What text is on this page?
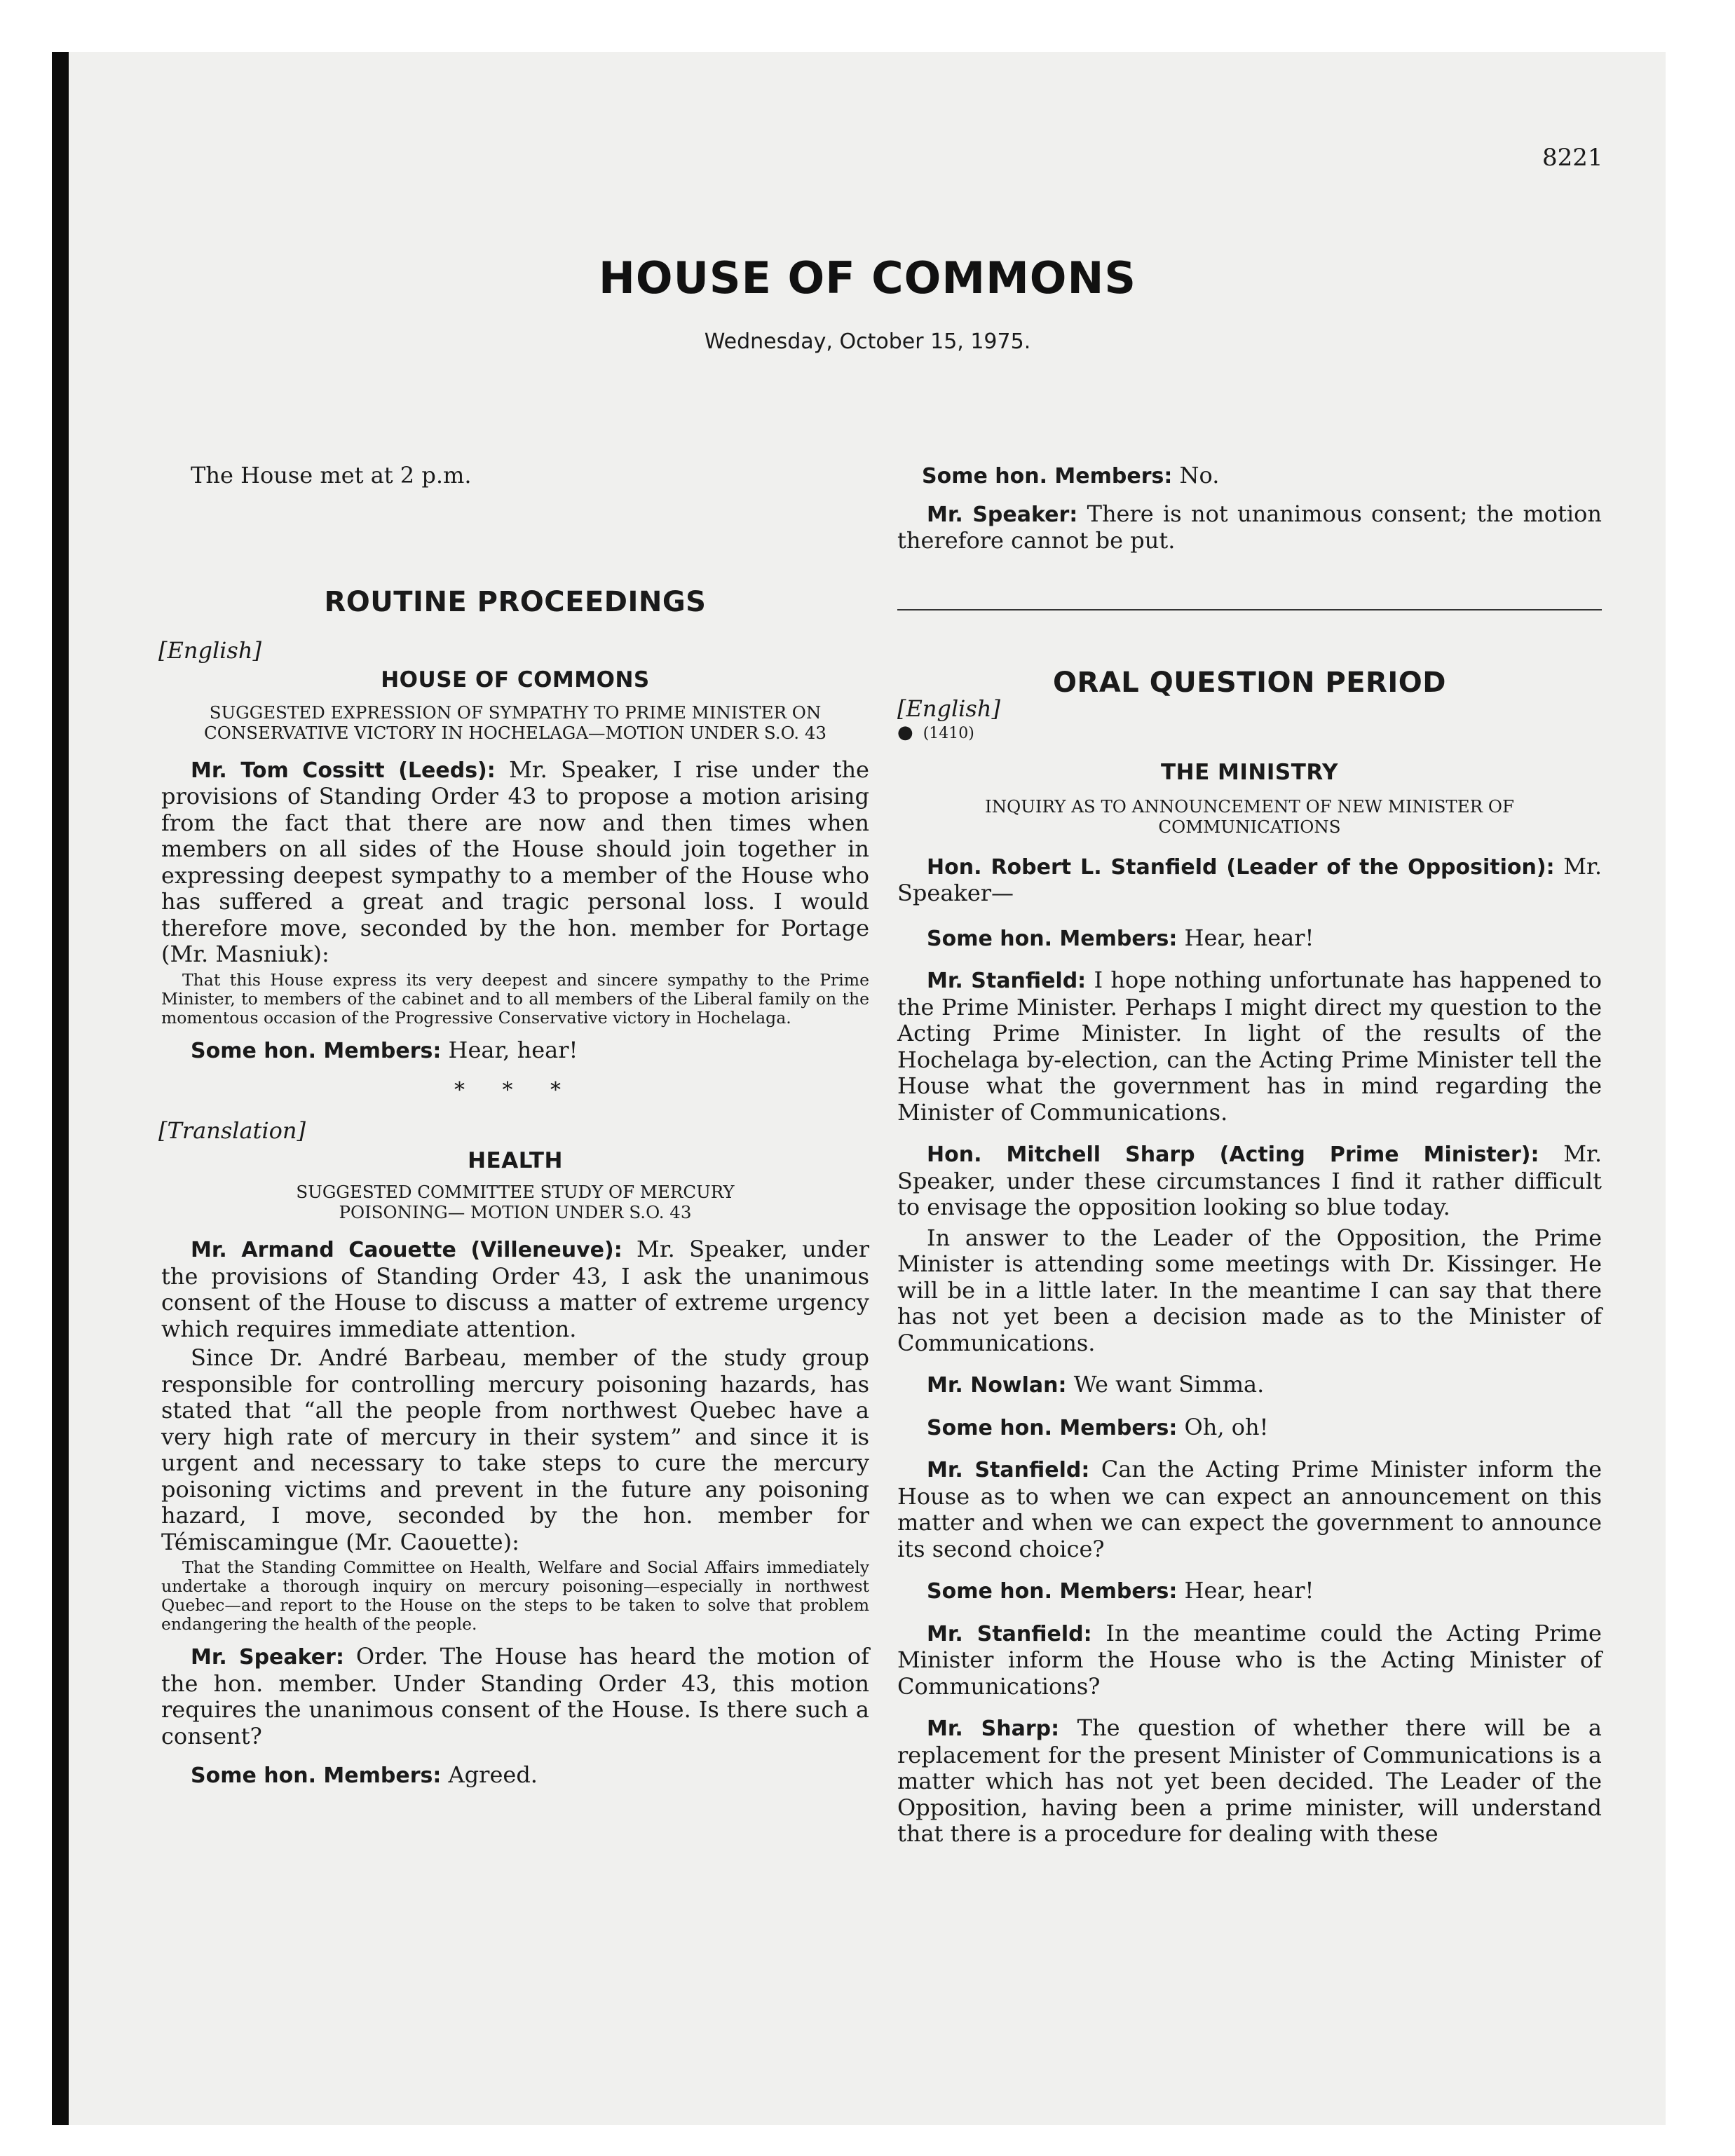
8221
HOUSE OF COMMONS
Wednesday, October 15, 1975.

The House met at 2 p.m.

ROUTINE PROCEEDINGS
[English]
HOUSE OF COMMONS
SUGGESTED EXPRESSION OF SYMPATHY TO PRIME MINISTER ON CONSERVATIVE VICTORY IN HOCHELAGA—MOTION UNDER S.O. 43

Mr. Tom Cossitt (Leeds): Mr. Speaker, I rise under the provisions of Standing Order 43 to propose a motion arising from the fact that there are now and then times when members on all sides of the House should join together in expressing deepest sympathy to a member of the House who has suffered a great and tragic personal loss. I would therefore move, seconded by the hon. member for Portage (Mr. Masniuk):

That this House express its very deepest and sincere sympathy to the Prime Minister, to members of the cabinet and to all members of the Liberal family on the momentous occasion of the Progressive Conservative victory in Hochelaga.

Some hon. Members: Hear, hear!

* * *
[Translation]
HEALTH
SUGGESTED COMMITTEE STUDY OF MERCURY POISONING— MOTION UNDER S.O. 43

Mr. Armand Caouette (Villeneuve): Mr. Speaker, under the provisions of Standing Order 43, I ask the unanimous consent of the House to discuss a matter of extreme urgency which requires immediate attention.

Since Dr. André Barbeau, member of the study group responsible for controlling mercury poisoning hazards, has stated that “all the people from northwest Quebec have a very high rate of mercury in their system” and since it is urgent and necessary to take steps to cure the mercury poisoning victims and prevent in the future any poisoning hazard, I move, seconded by the hon. member for Témiscamingue (Mr. Caouette):

That the Standing Committee on Health, Welfare and Social Affairs immediately undertake a thorough inquiry on mercury poisoning—especially in northwest Quebec—and report to the House on the steps to be taken to solve that problem endangering the health of the people.

Mr. Speaker: Order. The House has heard the motion of the hon. member. Under Standing Order 43, this motion requires the unanimous consent of the House. Is there such a consent?

Some hon. Members: Agreed.

Some hon. Members: No.

Mr. Speaker: There is not unanimous consent; the motion therefore cannot be put.

ORAL QUESTION PERIOD
[English]
● (1410)
THE MINISTRY
INQUIRY AS TO ANNOUNCEMENT OF NEW MINISTER OF COMMUNICATIONS

Hon. Robert L. Stanfield (Leader of the Opposition): Mr. Speaker—

Some hon. Members: Hear, hear!

Mr. Stanfield: I hope nothing unfortunate has happened to the Prime Minister. Perhaps I might direct my question to the Acting Prime Minister. In light of the results of the Hochelaga by-election, can the Acting Prime Minister tell the House what the government has in mind regarding the Minister of Communications.

Hon. Mitchell Sharp (Acting Prime Minister): Mr. Speaker, under these circumstances I find it rather difficult to envisage the opposition looking so blue today.

In answer to the Leader of the Opposition, the Prime Minister is attending some meetings with Dr. Kissinger. He will be in a little later. In the meantime I can say that there has not yet been a decision made as to the Minister of Communications.

Mr. Nowlan: We want Simma.

Some hon. Members: Oh, oh!

Mr. Stanfield: Can the Acting Prime Minister inform the House as to when we can expect an announcement on this matter and when we can expect the government to announce its second choice?

Some hon. Members: Hear, hear!

Mr. Stanfield: In the meantime could the Acting Prime Minister inform the House who is the Acting Minister of Communications?

Mr. Sharp: The question of whether there will be a replacement for the present Minister of Communications is a matter which has not yet been decided. The Leader of the Opposition, having been a prime minister, will understand that there is a procedure for dealing with these
